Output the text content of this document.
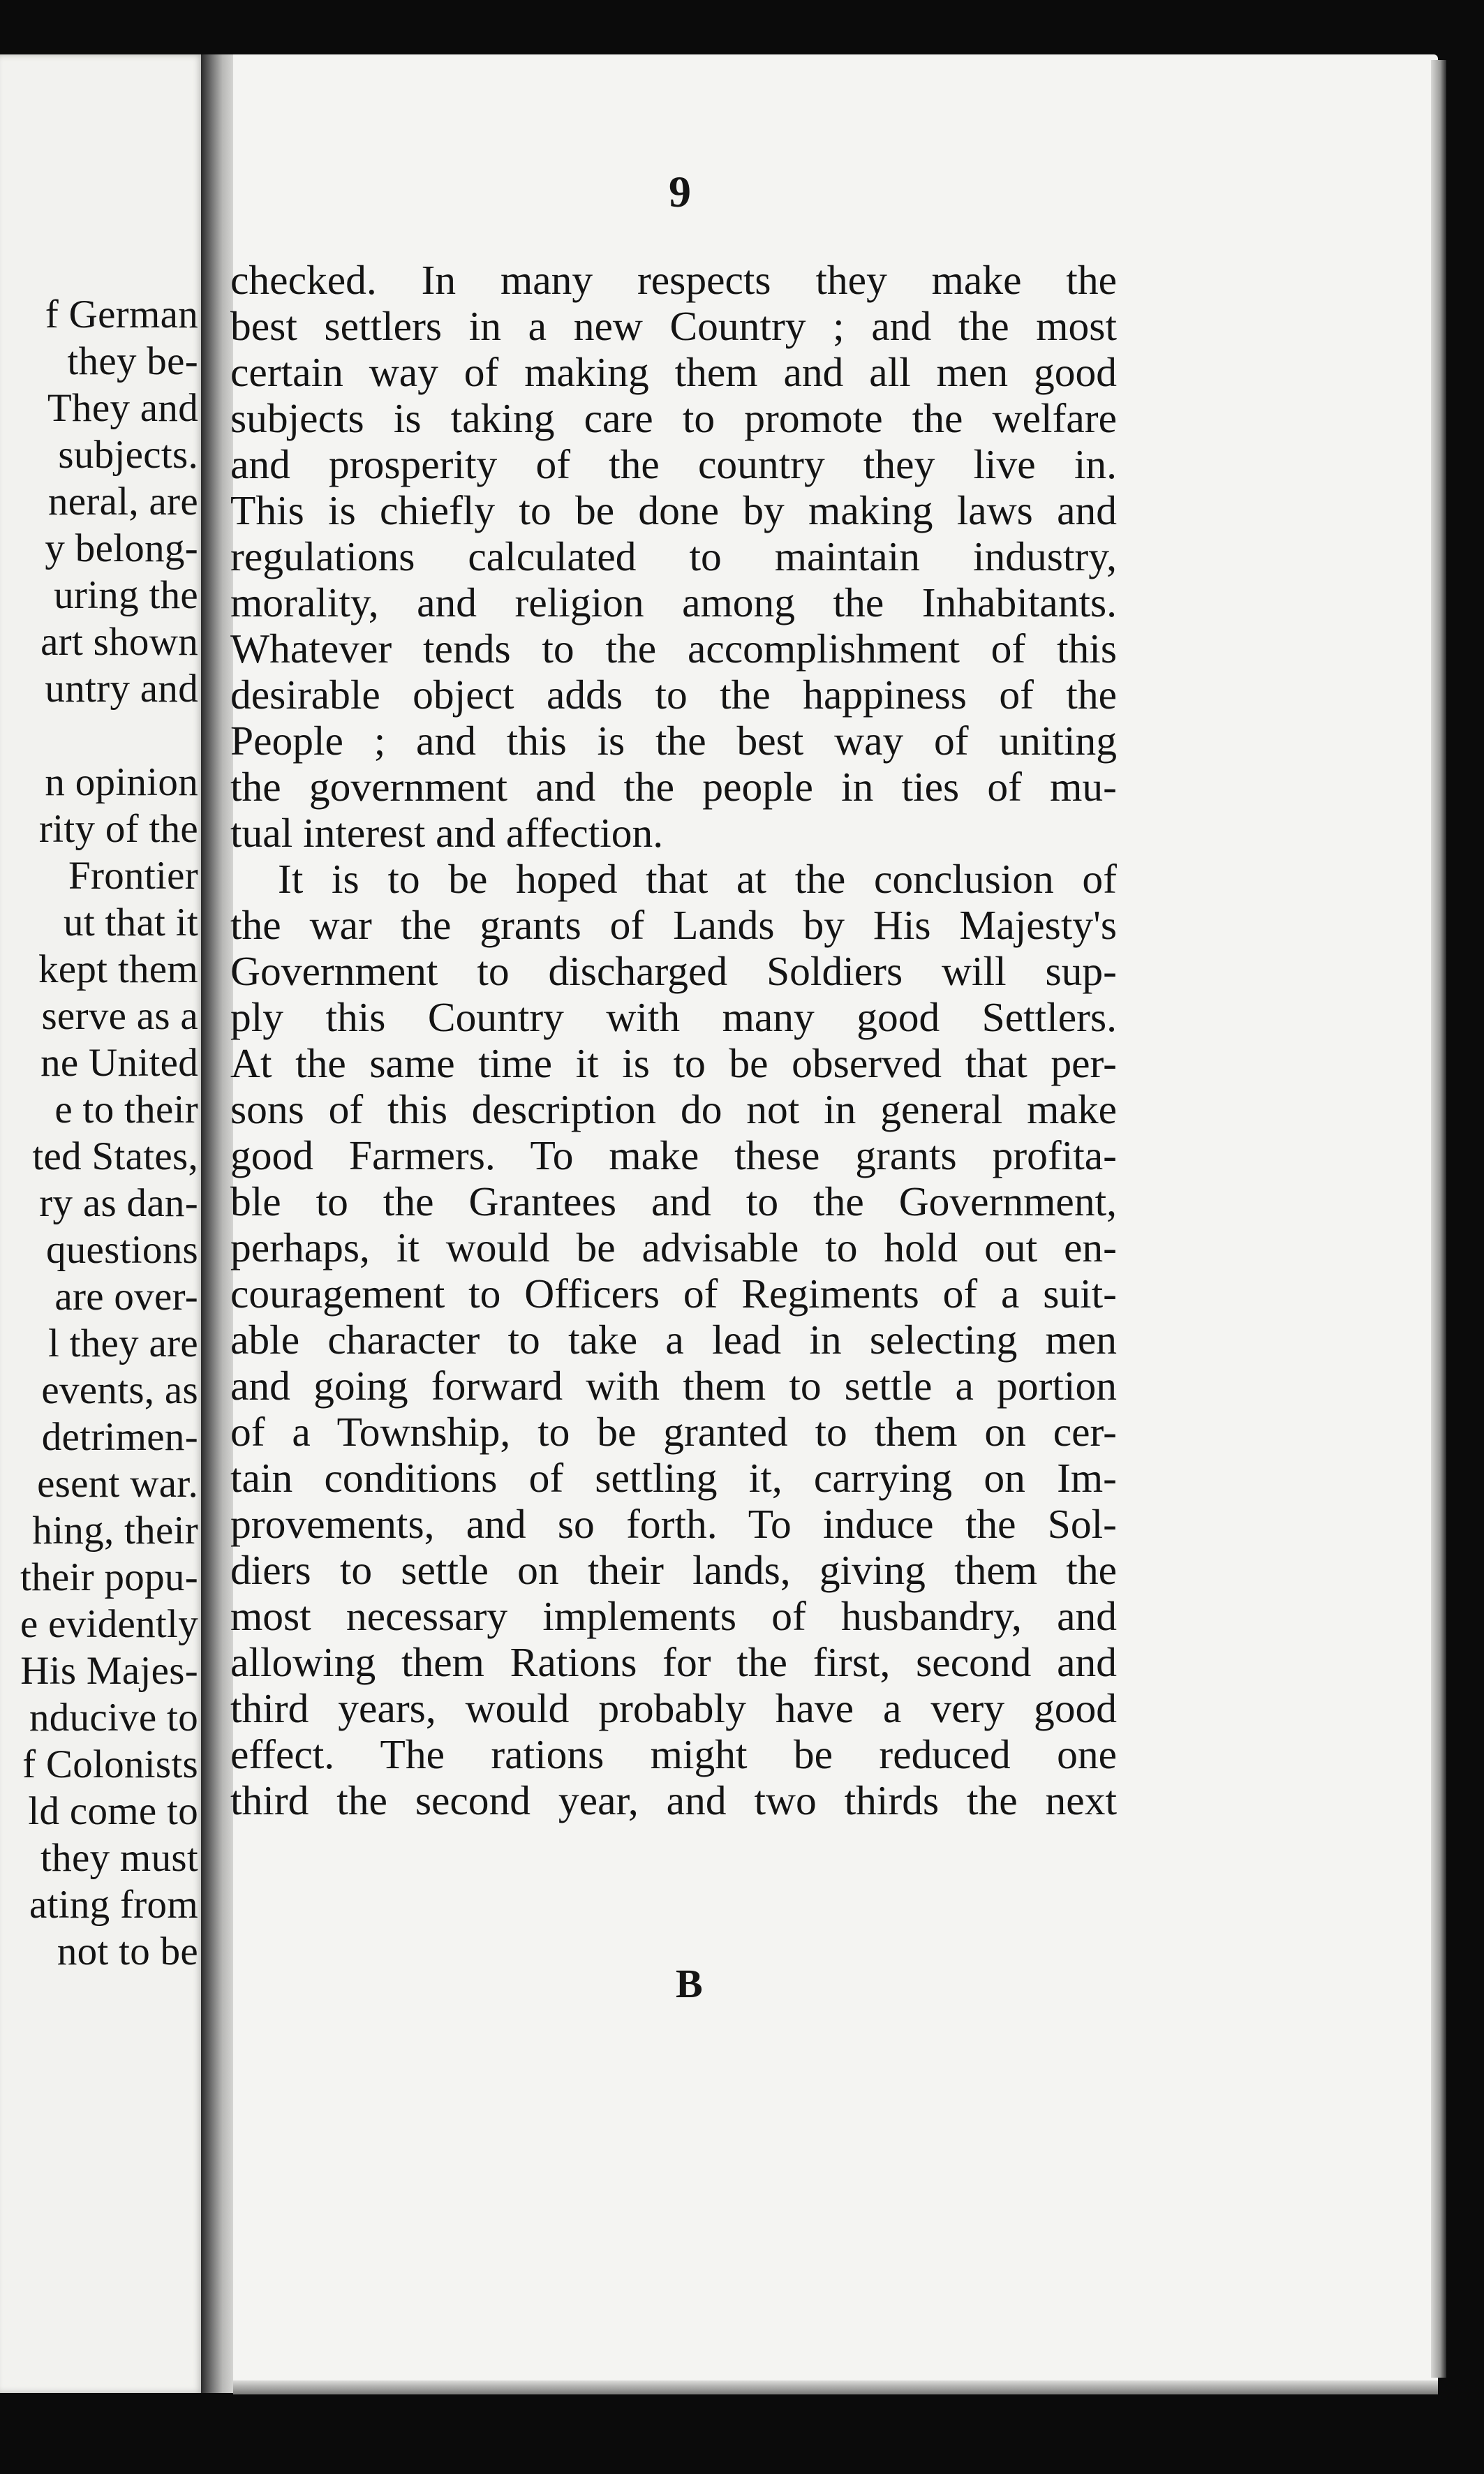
f German
they be-
They and
subjects.
neral, are
y belong-
uring the
art shown
untry and
n opinion
rity of the
Frontier
ut that it
kept them
serve as a
ne United
e to their
ted States,
ry as dan-
questions
are over-
l they are
events, as
detrimen-
esent war.
hing, their
their popu-
e evidently
His Majes-
nducive to
f Colonists
ld come to
they must
ating from
not to be
9
checked. In many respects they make the
best settlers in a new Country ; and the most
certain way of making them and all men good
subjects is taking care to promote the welfare
and prosperity of the country they live in.
This is chiefly to be done by making laws and
regulations calculated to maintain industry,
morality, and religion among the Inhabitants.
Whatever tends to the accomplishment of this
desirable object adds to the happiness of the
People ; and this is the best way of uniting
the government and the people in ties of mu-
tual interest and affection.
It is to be hoped that at the conclusion of
the war the grants of Lands by His Majesty's
Government to discharged Soldiers will sup-
ply this Country with many good Settlers.
At the same time it is to be observed that per-
sons of this description do not in general make
good Farmers. To make these grants profita-
ble to the Grantees and to the Government,
perhaps, it would be advisable to hold out en-
couragement to Officers of Regiments of a suit-
able character to take a lead in selecting men
and going forward with them to settle a portion
of a Township, to be granted to them on cer-
tain conditions of settling it, carrying on Im-
provements, and so forth. To induce the Sol-
diers to settle on their lands, giving them the
most necessary implements of husbandry, and
allowing them Rations for the first, second and
third years, would probably have a very good
effect. The rations might be reduced one
third the second year, and two thirds the next
B
